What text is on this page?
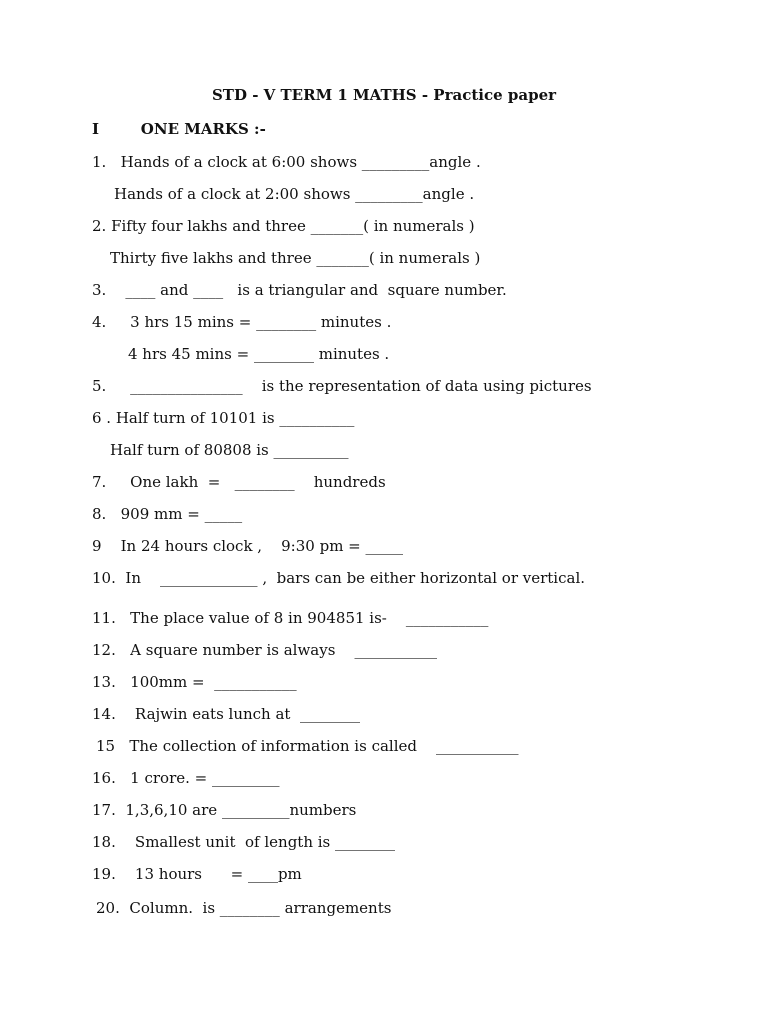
STD - V TERM 1 MATHS - Practice paper
I        ONE MARKS :-
1.   Hands of a clock at 6:00 shows _________angle .
Hands of a clock at 2:00 shows _________angle .
2. Fifty four lakhs and three _______( in numerals )
Thirty five lakhs and three _______( in numerals )
3.    ____ and ____   is a triangular and  square number.
4.     3 hrs 15 mins = ________ minutes .
4 hrs 45 mins = ________ minutes .
5.     _______________    is the representation of data using pictures
6 . Half turn of 10101 is __________
Half turn of 80808 is __________
7.     One lakh  =   ________    hundreds
8.   909 mm = _____
9    In 24 hours clock ,    9:30 pm = _____
10.  In    _____________ ,  bars can be either horizontal or vertical.
11.   The place value of 8 in 904851 is-    ___________
12.   A square number is always    ___________
13.   100mm =  ___________
14.    Rajwin eats lunch at  ________
15   The collection of information is called    ___________
16.   1 crore. = _________
17.  1,3,6,10 are _________numbers
18.    Smallest unit  of length is ________
19.    13 hours      = ____pm
20.  Column.  is ________ arrangements
